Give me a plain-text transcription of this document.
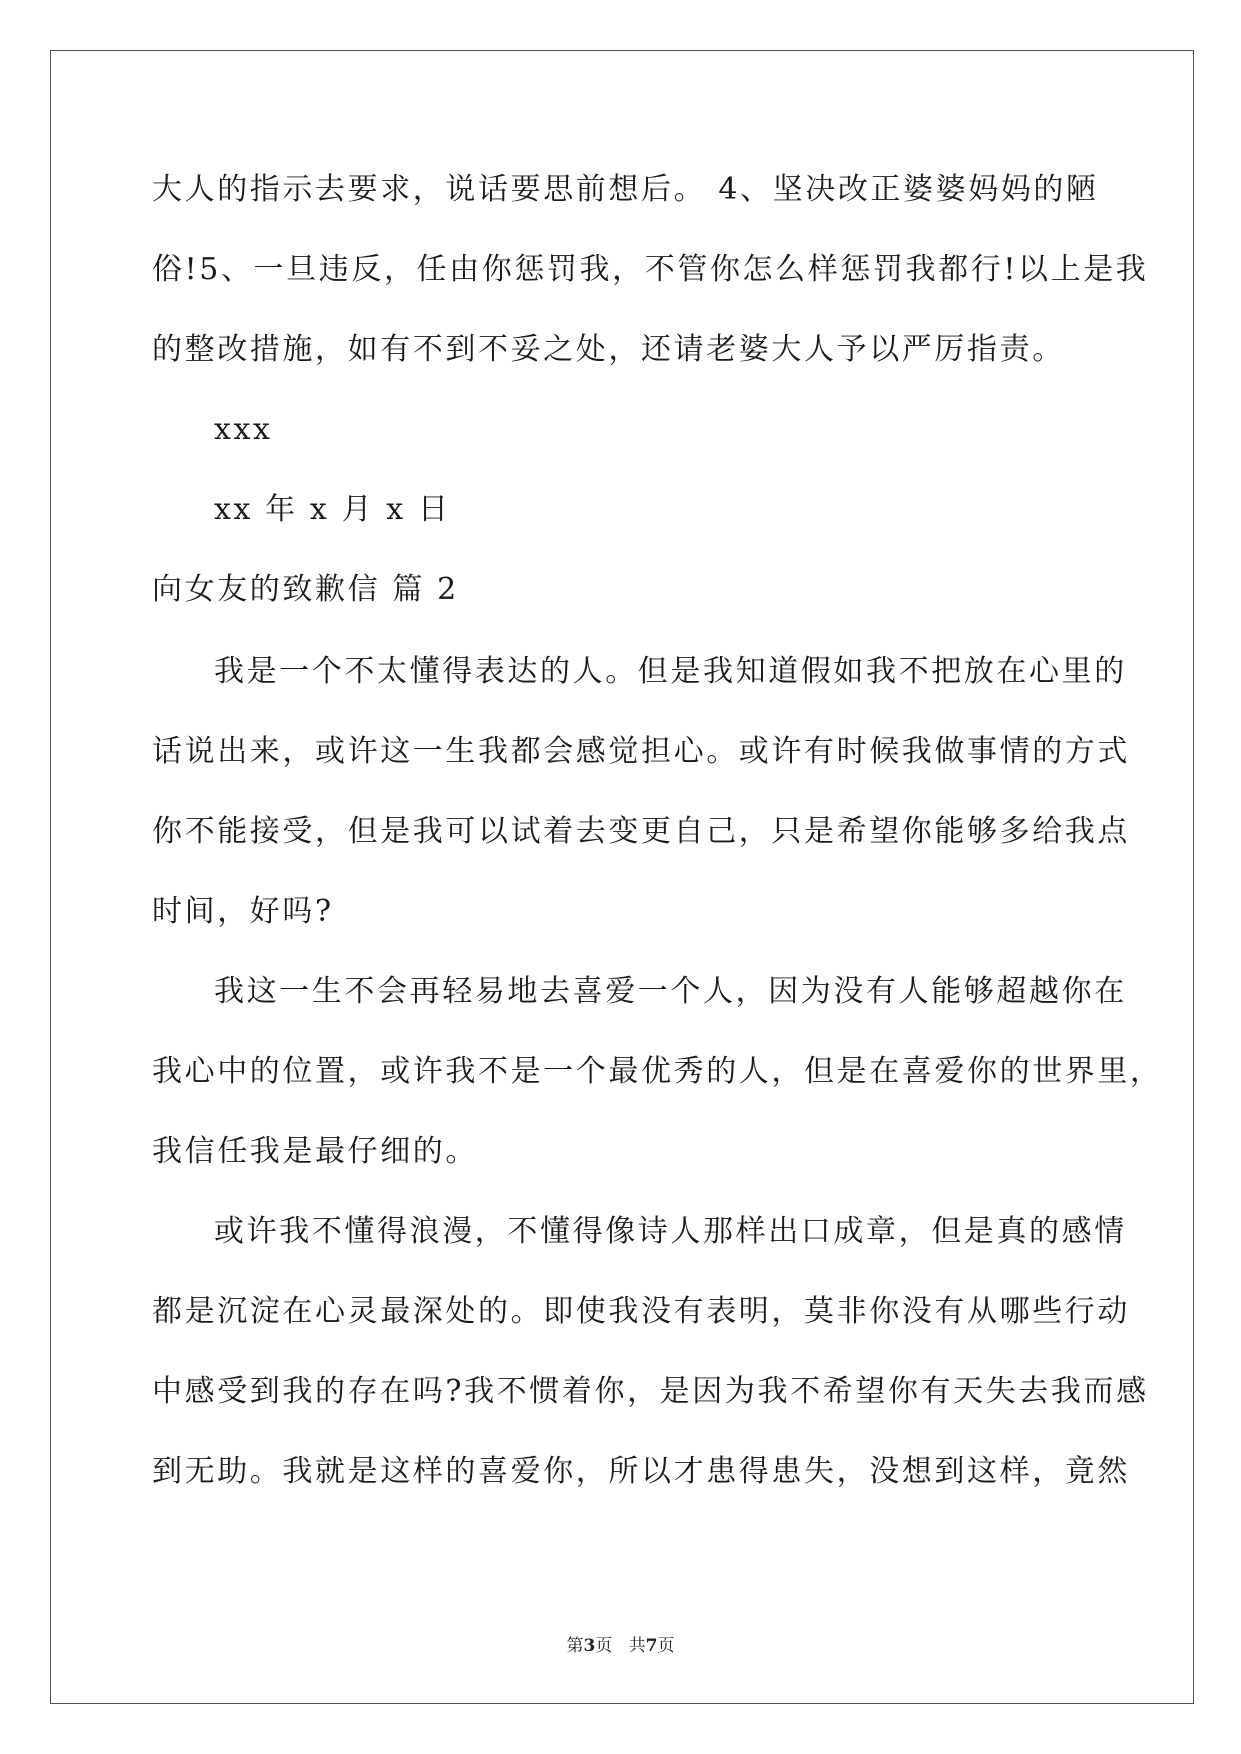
大人的指示去要求，说话要思前想后。 4、坚决改正婆婆妈妈的陋
俗!5、一旦违反，任由你惩罚我，不管你怎么样惩罚我都行!以上是我
的整改措施，如有不到不妥之处，还请老婆大人予以严厉指责。
xxx
xx 年 x 月 x 日
向女友的致歉信 篇 2
我是一个不太懂得表达的人。但是我知道假如我不把放在心里的
话说出来，或许这一生我都会感觉担心。或许有时候我做事情的方式
你不能接受，但是我可以试着去变更自己，只是希望你能够多给我点
时间，好吗?
我这一生不会再轻易地去喜爱一个人，因为没有人能够超越你在
我心中的位置，或许我不是一个最优秀的人，但是在喜爱你的世界里，
我信任我是最仔细的。
或许我不懂得浪漫，不懂得像诗人那样出口成章，但是真的感情
都是沉淀在心灵最深处的。即使我没有表明，莫非你没有从哪些行动
中感受到我的存在吗?我不惯着你，是因为我不希望你有天失去我而感
到无助。我就是这样的喜爱你，所以才患得患失，没想到这样，竟然
第3页 共7页
